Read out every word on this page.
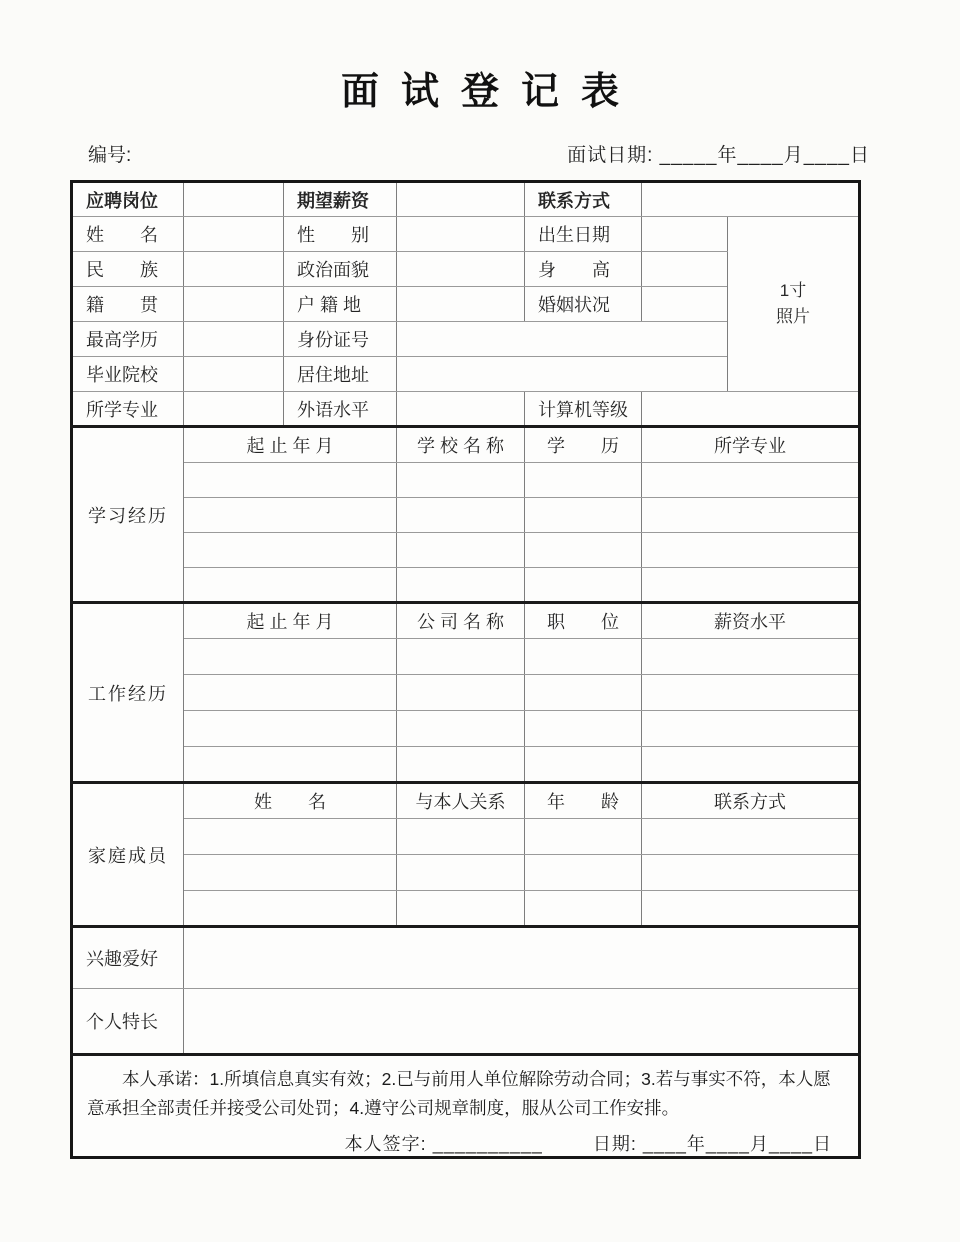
面试登记表
编号:	面试日期: _____年____月____日
应聘岗位		期望薪资		联系方式		
姓　　名		性　　别		出生日期		1寸
照片

民　　族		政治面貌		身　　高		
籍　　贯		户 籍 地		婚姻状况		
最高学历		身份证号				
毕业院校		居住地址				
所学专业		外语水平		计算机等级		
学习经历	起 止 年 月		学 校 名 称	学　　历	所学专业	

工作经历	起 止 年 月		公 司 名 称	职　　位	薪资水平	

家庭成员	姓　　名		与本人关系	年　　龄	联系方式	

兴趣爱好						
个人特长						

本人承诺：1.所填信息真实有效；2.已与前用人单位解除劳动合同；3.若与事实不符，本人愿意承担全部责任并接受公司处罚；4.遵守公司规章制度，服从公司工作安排。
本人签字: __________ 日期: ____年____月____日						
